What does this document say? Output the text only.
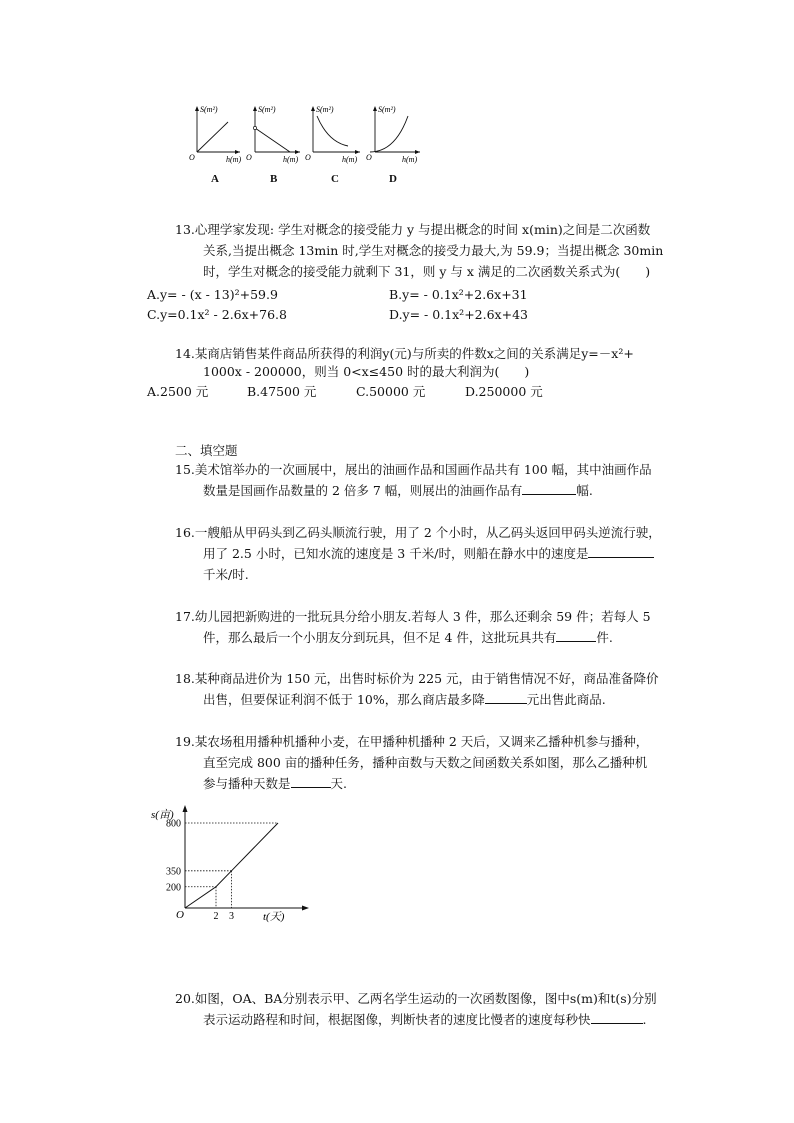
S(m²)
h(m)
O
S(m²)
h(m)
O
S(m²)
h(m)
O
S(m²)
h(m)
O
A	B	C	D
13.心理学家发现: 学生对概念的接受能力 y 与提出概念的时间 x(min)之间是二次函数
关系,当提出概念 13min 时,学生对概念的接受力最大,为 59.9；当提出概念 30min
时，学生对概念的接受能力就剩下 31，则 y 与 x 满足的二次函数关系式为(　　)
A.y= - (x - 13)²+59.9	B.y= - 0.1x²+2.6x+31
C.y=0.1x² - 2.6x+76.8	D.y= - 0.1x²+2.6x+43
14.某商店销售某件商品所获得的利润y(元)与所卖的件数x之间的关系满足y=－x²+
1000x - 200000，则当 0<x≤450 时的最大利润为(　　)
A.2500 元	B.47500 元	C.50000 元	D.250000 元
二、填空题
15.美术馆举办的一次画展中，展出的油画作品和国画作品共有 100 幅，其中油画作品
数量是国画作品数量的 2 倍多 7 幅，则展出的油画作品有	幅.
16.一艘船从甲码头到乙码头顺流行驶，用了 2 个小时，从乙码头返回甲码头逆流行驶，
用了 2.5 小时，已知水流的速度是 3 千米/时，则船在静水中的速度是
千米/时.
17.幼儿园把新购进的一批玩具分给小朋友.若每人 3 件，那么还剩余 59 件；若每人 5
件，那么最后一个小朋友分到玩具，但不足 4 件，这批玩具共有	件.
18.某种商品进价为 150 元，出售时标价为 225 元，由于销售情况不好，商品准备降价
出售，但要保证利润不低于 10%，那么商店最多降	元出售此商品.
19.某农场租用播种机播种小麦，在甲播种机播种 2 天后，又调来乙播种机参与播种，
直至完成 800 亩的播种任务，播种亩数与天数之间函数关系如图，那么乙播种机
参与播种天数是	天.
s(亩)
t(天)
O
200
350
800
2 3
20.如图，OA、BA分别表示甲、乙两名学生运动的一次函数图像，图中s(m)和t(s)分别
表示运动路程和时间，根据图像，判断快者的速度比慢者的速度每秒快	.
